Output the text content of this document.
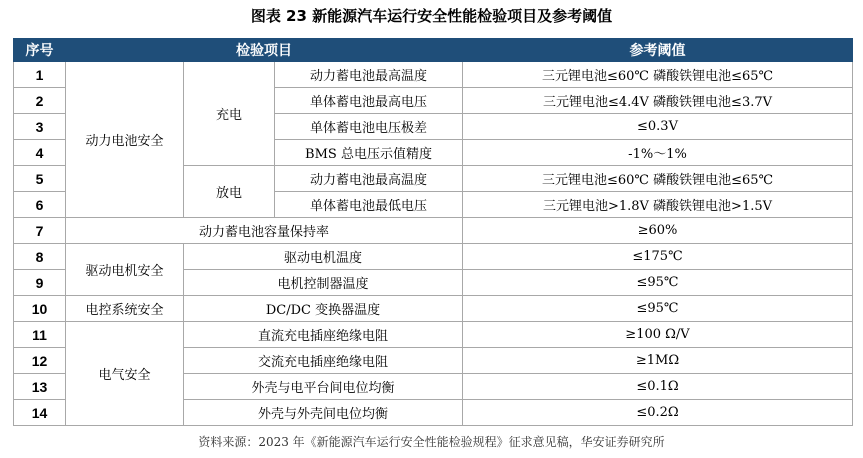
图表 23 新能源汽车运行安全性能检验项目及参考阈值
序号	检验项目			参考阈值
1	动力电池安全	充电	动力蓄电池最高温度	三元锂电池≤60℃ 磷酸铁锂电池≤65℃
2			单体蓄电池最高电压	三元锂电池≤4.4V 磷酸铁锂电池≤3.7V
3			单体蓄电池电压极差	≤0.3V
4			BMS 总电压示值精度	-1%～1%
5		放电	动力蓄电池最高温度	三元锂电池≤60℃ 磷酸铁锂电池≤65℃
6			单体蓄电池最低电压	三元锂电池>1.8V 磷酸铁锂电池>1.5V
7	动力蓄电池容量保持率			≥60%
8	驱动电机安全	驱动电机温度		≤175℃
9		电机控制器温度		≤95℃
10	电控系统安全	DC/DC 变换器温度		≤95℃
11	电气安全	直流充电插座绝缘电阻		≥100 Ω/V
12		交流充电插座绝缘电阻		≥1MΩ
13		外壳与电平台间电位均衡		≤0.1Ω
14		外壳与外壳间电位均衡		≤0.2Ω
资料来源：2023 年《新能源汽车运行安全性能检验规程》征求意见稿，华安证券研究所
